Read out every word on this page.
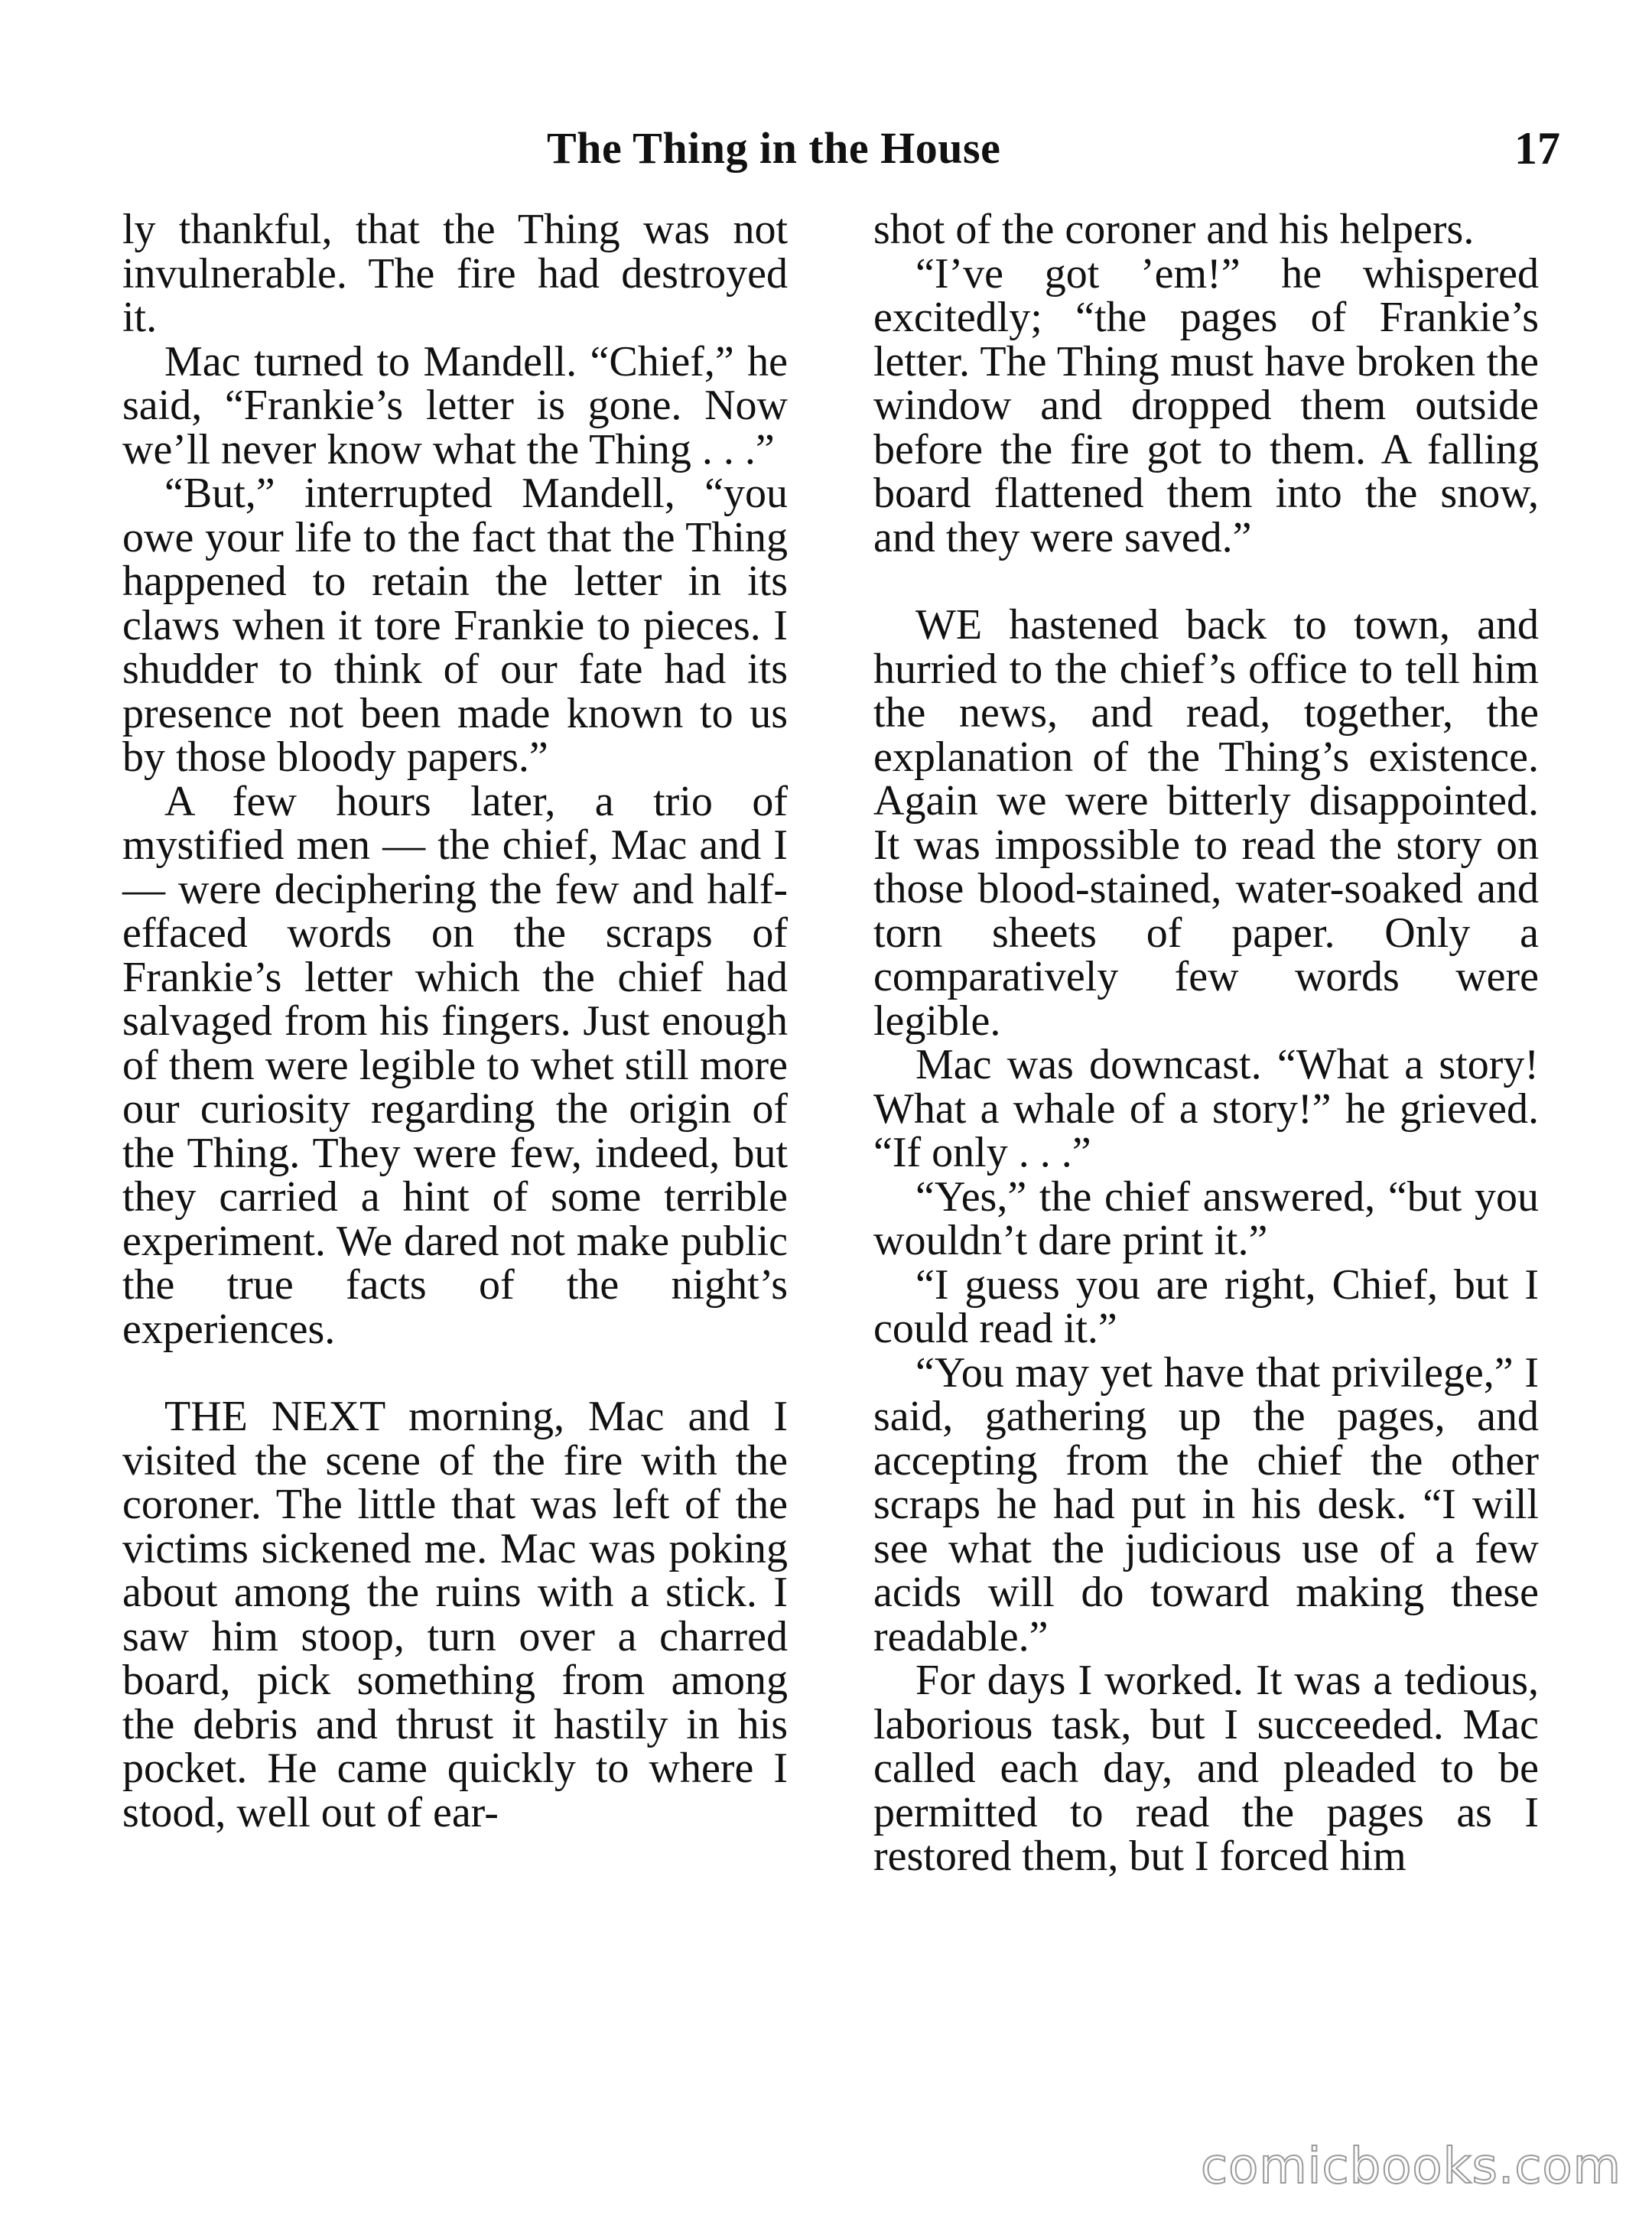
The Thing in the House	17

ly thankful, that the Thing was not invulnerable. The fire had destroyed it.

Mac turned to Mandell. “Chief,” he said, “Frankie’s letter is gone. Now we’ll never know what the Thing . . .”

“But,” interrupted Mandell, “you owe your life to the fact that the Thing happened to retain the letter in its claws when it tore Frankie to pieces. I shudder to think of our fate had its presence not been made known to us by those bloody papers.”

A few hours later, a trio of mystified men — the chief, Mac and I — were deciphering the few and half-effaced words on the scraps of Frankie’s letter which the chief had salvaged from his fingers. Just enough of them were legible to whet still more our curiosity regarding the origin of the Thing. They were few, indeed, but they carried a hint of some terrible experiment. We dared not make public the true facts of the night’s experiences.

THE NEXT morning, Mac and I visited the scene of the fire with the coroner. The little that was left of the victims sickened me. Mac was poking about among the ruins with a stick. I saw him stoop, turn over a charred board, pick something from among the debris and thrust it hastily in his pocket. He came quickly to where I stood, well out of ear-

shot of the coroner and his helpers.

“I’ve got ’em!” he whispered excitedly; “the pages of Frankie’s letter. The Thing must have broken the window and dropped them outside before the fire got to them. A falling board flattened them into the snow, and they were saved.”

WE hastened back to town, and hurried to the chief’s office to tell him the news, and read, together, the explanation of the Thing’s existence. Again we were bitterly disappointed. It was impossible to read the story on those blood-stained, water-soaked and torn sheets of paper. Only a comparatively few words were legible.

Mac was downcast. “What a story! What a whale of a story!” he grieved. “If only . . .”

“Yes,” the chief answered, “but you wouldn’t dare print it.”

“I guess you are right, Chief, but I could read it.”

“You may yet have that privilege,” I said, gathering up the pages, and accepting from the chief the other scraps he had put in his desk. “I will see what the judicious use of a few acids will do toward making these readable.”

For days I worked. It was a tedious, laborious task, but I succeeded. Mac called each day, and pleaded to be permitted to read the pages as I restored them, but I forced him

comicbooks.com
